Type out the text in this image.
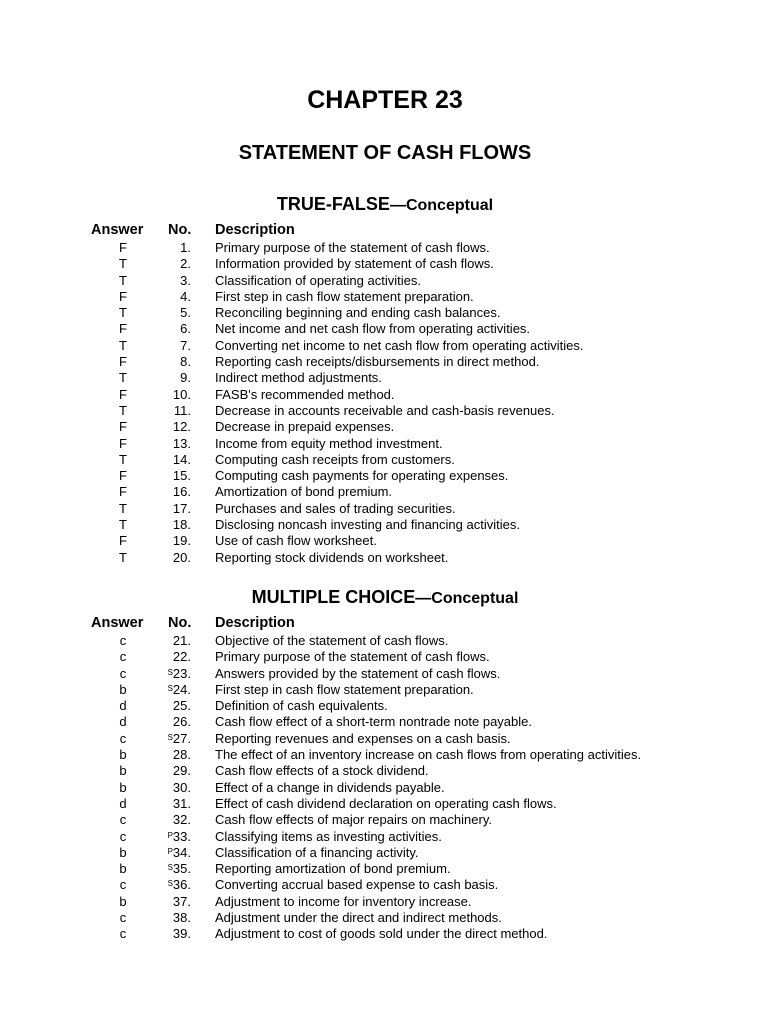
CHAPTER 23
STATEMENT OF CASH FLOWS
TRUE-FALSE—Conceptual
Answer No. Description
F	1. Primary purpose of the statement of cash flows.
T	2. Information provided by statement of cash flows.
T	3. Classification of operating activities.
F	4. First step in cash flow statement preparation.
T	5. Reconciling beginning and ending cash balances.
F	6. Net income and net cash flow from operating activities.
T	7. Converting net income to net cash flow from operating activities.
F	8. Reporting cash receipts/disbursements in direct method.
T	9. Indirect method adjustments.
F	10. FASB's recommended method.
T	11. Decrease in accounts receivable and cash-basis revenues.
F	12. Decrease in prepaid expenses.
F	13. Income from equity method investment.
T	14. Computing cash receipts from customers.
F	15. Computing cash payments for operating expenses.
F	16. Amortization of bond premium.
T	17. Purchases and sales of trading securities.
T	18. Disclosing noncash investing and financing activities.
F	19. Use of cash flow worksheet.
T	20. Reporting stock dividends on worksheet.
MULTIPLE CHOICE—Conceptual
Answer No. Description
c	21. Objective of the statement of cash flows.
c	22. Primary purpose of the statement of cash flows.
c	$^S$23. Answers provided by the statement of cash flows.
b	$^S$24. First step in cash flow statement preparation.
d	25. Definition of cash equivalents.
d	26. Cash flow effect of a short-term nontrade note payable.
c	$^S$27. Reporting revenues and expenses on a cash basis.
b	28. The effect of an inventory increase on cash flows from operating activities.
b	29. Cash flow effects of a stock dividend.
b	30. Effect of a change in dividends payable.
d	31. Effect of cash dividend declaration on operating cash flows.
c	32. Cash flow effects of major repairs on machinery.
c	$^P$33. Classifying items as investing activities.
b	$^P$34. Classification of a financing activity.
b	$^S$35. Reporting amortization of bond premium.
c	$^S$36. Converting accrual based expense to cash basis.
b	37. Adjustment to income for inventory increase.
c	38. Adjustment under the direct and indirect methods.
c	39. Adjustment to cost of goods sold under the direct method.
